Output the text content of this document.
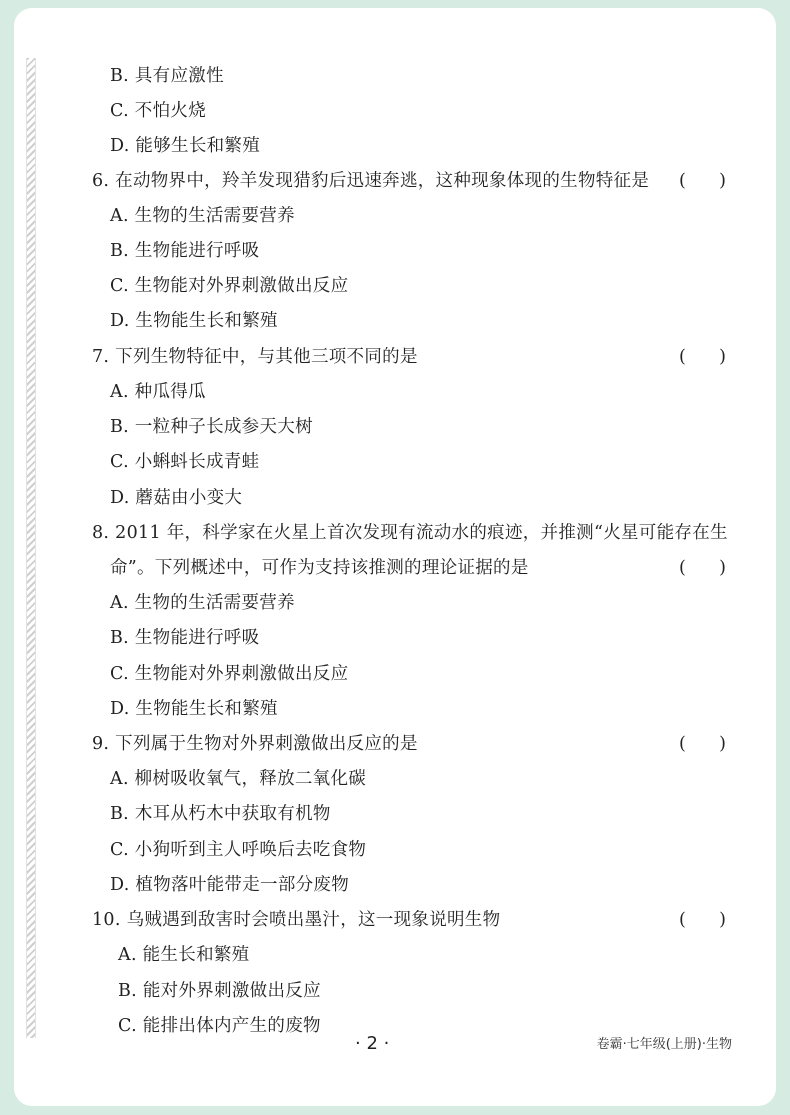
B. 具有应激性
C. 不怕火烧
D. 能够生长和繁殖
6. 在动物界中，羚羊发现猎豹后迅速奔逃，这种现象体现的生物特征是 (      )
A. 生物的生活需要营养
B. 生物能进行呼吸
C. 生物能对外界刺激做出反应
D. 生物能生长和繁殖
7. 下列生物特征中，与其他三项不同的是	(      )
A. 种瓜得瓜
B. 一粒种子长成参天大树
C. 小蝌蚪长成青蛙
D. 蘑菇由小变大
8. 2011 年，科学家在火星上首次发现有流动水的痕迹，并推测“火星可能存在生
命”。下列概述中，可作为支持该推测的理论证据的是	(      )
A. 生物的生活需要营养
B. 生物能进行呼吸
C. 生物能对外界刺激做出反应
D. 生物能生长和繁殖
9. 下列属于生物对外界刺激做出反应的是	(      )
A. 柳树吸收氧气，释放二氧化碳
B. 木耳从朽木中获取有机物
C. 小狗听到主人呼唤后去吃食物
D. 植物落叶能带走一部分废物
10. 乌贼遇到敌害时会喷出墨汁，这一现象说明生物	(      )
A. 能生长和繁殖
B. 能对外界刺激做出反应
C. 能排出体内产生的废物
· 2 ·	卷霸·七年级(上册)·生物
